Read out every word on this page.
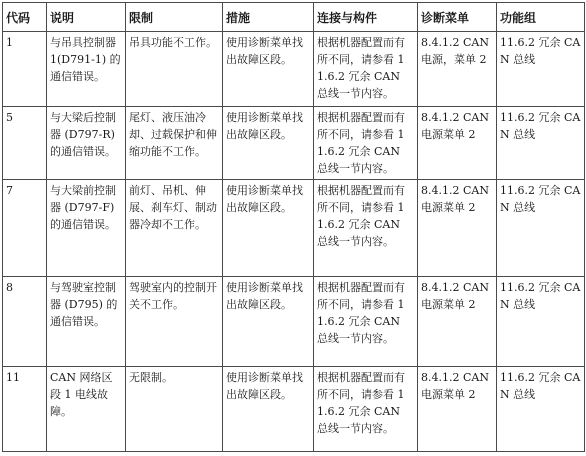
代码	说明	限制	措施	连接与构件	诊断菜单	功能组

1	与吊具控制器 1(D791-1) 的通信错误。	吊具功能不工作。	使用诊断菜单找出故障区段。	根据机器配置而有所不同，请参看 11.6.2 冗余 CAN 总线一节内容。	8.4.1.2 CAN 电源，菜单 2	11.6.2 冗余 CAN 总线

5	与大梁后控制器 (D797-R) 的通信错误。	尾灯、液压油冷却、过载保护和伸缩功能不工作。	使用诊断菜单找出故障区段。	根据机器配置而有所不同，请参看 11.6.2 冗余 CAN 总线一节内容。	8.4.1.2 CAN 电源菜单 2	11.6.2 冗余 CAN 总线

7	与大梁前控制器 (D797-F) 的通信错误。	前灯、吊机、伸展、刹车灯、制动器冷却不工作。	使用诊断菜单找出故障区段。	根据机器配置而有所不同，请参看 11.6.2 冗余 CAN 总线一节内容。	8.4.1.2 CAN 电源菜单 2	11.6.2 冗余 CAN 总线

8	与驾驶室控制器 (D795) 的通信错误。	驾驶室内的控制开关不工作。	使用诊断菜单找出故障区段。	根据机器配置而有所不同，请参看 11.6.2 冗余 CAN 总线一节内容。	8.4.1.2 CAN 电源菜单 2	11.6.2 冗余 CAN 总线

11	CAN 网络区段 1 电线故障。	无限制。	使用诊断菜单找出故障区段。	根据机器配置而有所不同，请参看 11.6.2 冗余 CAN 总线一节内容。	8.4.1.2 CAN 电源菜单 2	11.6.2 冗余 CAN 总线
